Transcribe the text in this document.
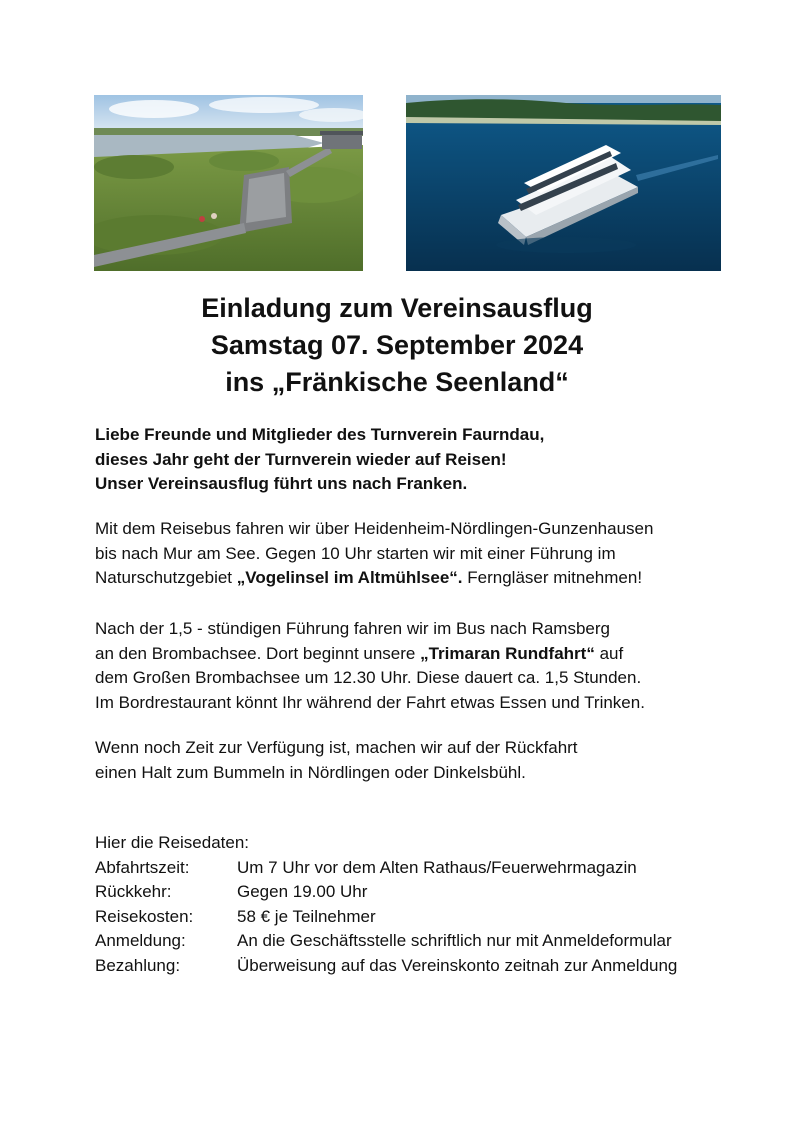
Einladung zum Vereinsausflug
Samstag 07. September 2024
ins „Fränkische Seenland“
Liebe Freunde und Mitglieder des Turnverein Faurndau,
dieses Jahr geht der Turnverein wieder auf Reisen!
Unser Vereinsausflug führt uns nach Franken.
Mit dem Reisebus fahren wir über Heidenheim-Nördlingen-Gunzenhausen
bis nach Mur am See. Gegen 10 Uhr starten wir mit einer Führung im
Naturschutzgebiet „Vogelinsel im Altmühlsee“. Ferngläser mitnehmen!
Nach der 1,5 - stündigen Führung fahren wir im Bus nach Ramsberg
an den Brombachsee. Dort beginnt unsere „Trimaran Rundfahrt“ auf
dem Großen Brombachsee um 12.30 Uhr. Diese dauert ca. 1,5 Stunden.
Im Bordrestaurant könnt Ihr während der Fahrt etwas Essen und Trinken.
Wenn noch Zeit zur Verfügung ist, machen wir auf der Rückfahrt
einen Halt zum Bummeln in Nördlingen oder Dinkelsbühl.
Hier die Reisedaten:
Abfahrtszeit:	Um 7 Uhr vor dem Alten Rathaus/Feuerwehrmagazin
Rückkehr:	Gegen 19.00 Uhr
Reisekosten:	58 € je Teilnehmer
Anmeldung:	An die Geschäftsstelle schriftlich nur mit Anmeldeformular
Bezahlung:	Überweisung auf das Vereinskonto zeitnah zur Anmeldung
